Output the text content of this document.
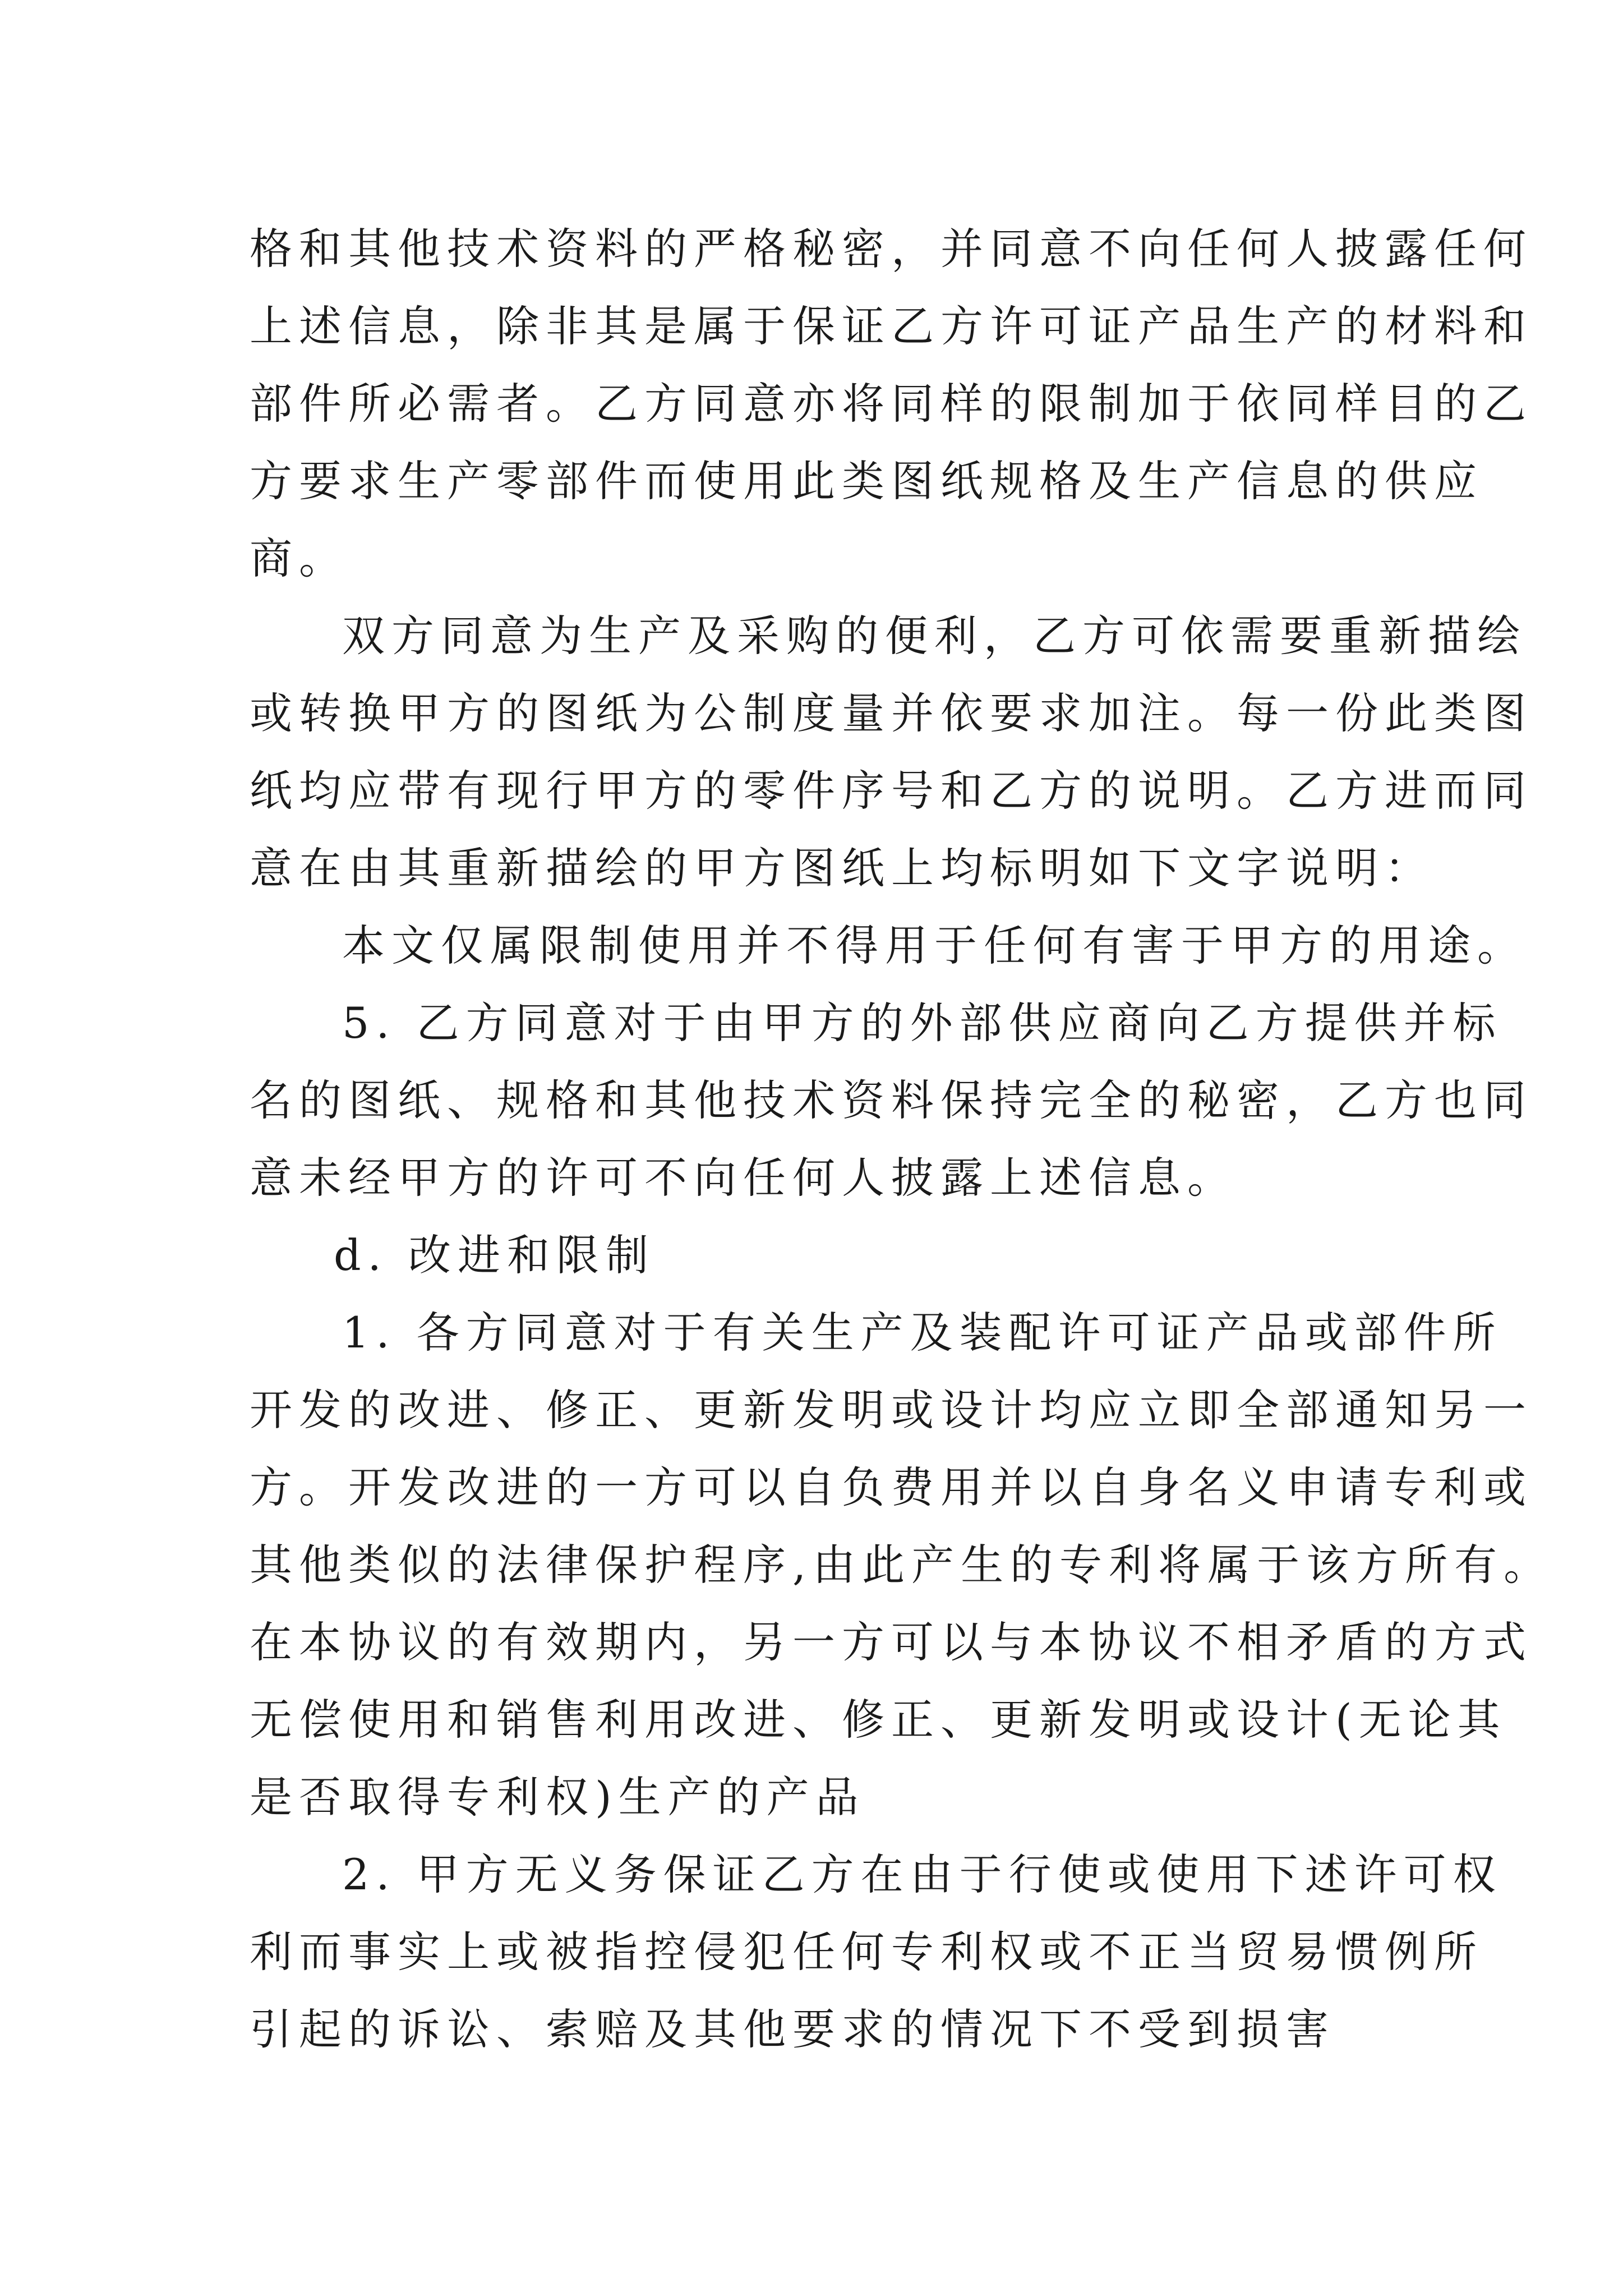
格和其他技术资料的严格秘密，并同意不向任何人披露任何
上述信息，除非其是属于保证乙方许可证产品生产的材料和
部件所必需者。乙方同意亦将同样的限制加于依同样目的乙
方要求生产零部件而使用此类图纸规格及生产信息的供应
商。
双方同意为生产及采购的便利，乙方可依需要重新描绘
或转换甲方的图纸为公制度量并依要求加注。每一份此类图
纸均应带有现行甲方的零件序号和乙方的说明。乙方进而同
意在由其重新描绘的甲方图纸上均标明如下文字说明：
本文仅属限制使用并不得用于任何有害于甲方的用途。
5. 乙方同意对于由甲方的外部供应商向乙方提供并标
名的图纸、规格和其他技术资料保持完全的秘密，乙方也同
意未经甲方的许可不向任何人披露上述信息。
d. 改进和限制
1. 各方同意对于有关生产及装配许可证产品或部件所
开发的改进、修正、更新发明或设计均应立即全部通知另一
方。开发改进的一方可以自负费用并以自身名义申请专利或
其他类似的法律保护程序,由此产生的专利将属于该方所有。
在本协议的有效期内，另一方可以与本协议不相矛盾的方式
无偿使用和销售利用改进、修正、更新发明或设计(无论其
是否取得专利权)生产的产品
2. 甲方无义务保证乙方在由于行使或使用下述许可权
利而事实上或被指控侵犯任何专利权或不正当贸易惯例所
引起的诉讼、索赔及其他要求的情况下不受到损害
